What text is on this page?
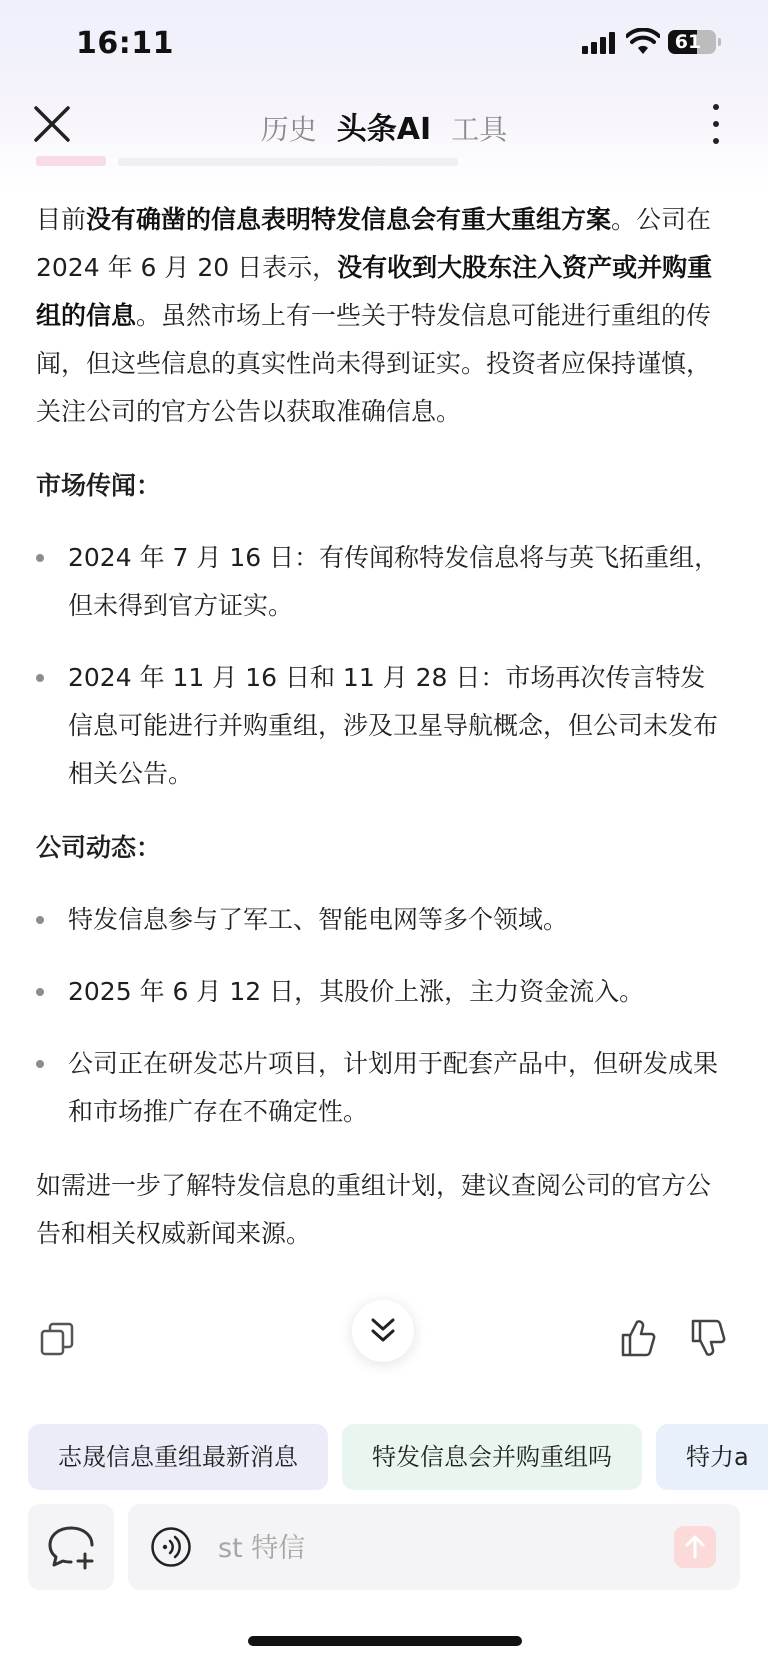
16:11	61
历史 头条AI 工具

目前没有确凿的信息表明特发信息会有重大重组方案。公司在 2024 年 6 月 20 日表示，没有收到大股东注入资产或并购重组的信息。虽然市场上有一些关于特发信息可能进行重组的传闻，但这些信息的真实性尚未得到证实。投资者应保持谨慎，关注公司的官方公告以获取准确信息。

市场传闻：

2024 年 7 月 16 日：有传闻称特发信息将与英飞拓重组，但未得到官方证实。

2024 年 11 月 16 日和 11 月 28 日：市场再次传言特发信息可能进行并购重组，涉及卫星导航概念，但公司未发布相关公告。

公司动态：

特发信息参与了军工、智能电网等多个领域。

2025 年 6 月 12 日，其股价上涨，主力资金流入。

公司正在研发芯片项目，计划用于配套产品中，但研发成果和市场推广存在不确定性。

如需进一步了解特发信息的重组计划，建议查阅公司的官方公告和相关权威新闻来源。

志晟信息重组最新消息	特发信息会并购重组吗	特力a
st 特信
